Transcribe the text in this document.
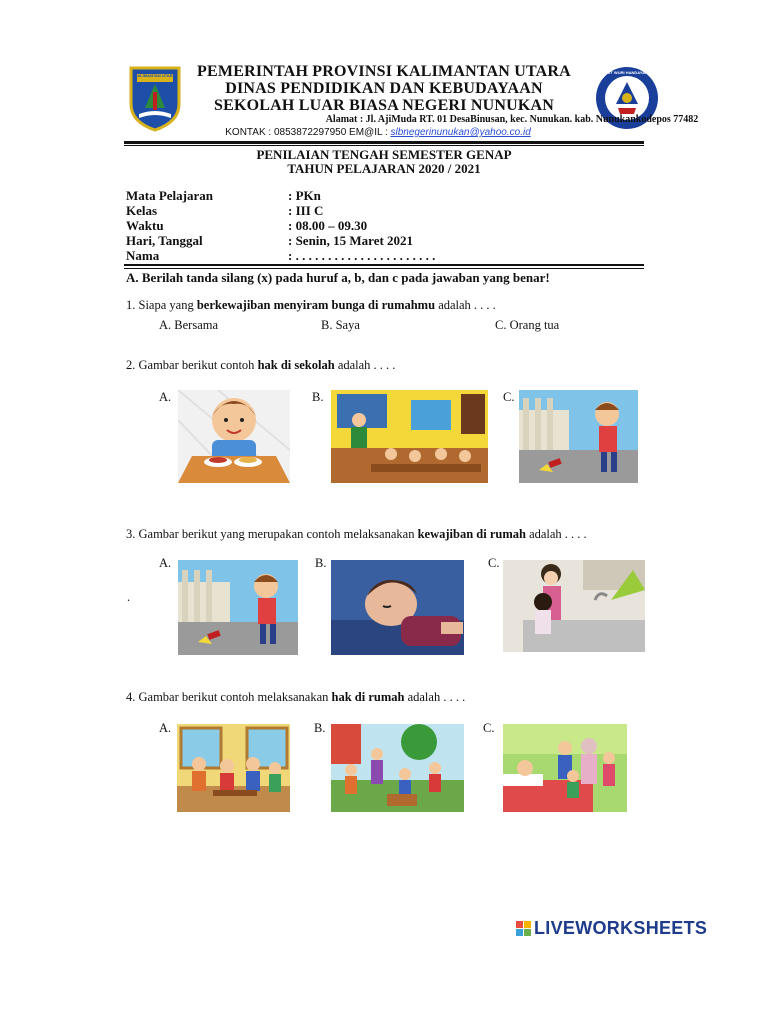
KALIMANTAN UTARA
TUT WURI HANDAYANI
PEMERINTAH PROVINSI KALIMANTAN UTARA
DINAS PENDIDIKAN DAN KEBUDAYAAN
SEKOLAH LUAR BIASA NEGERI NUNUKAN
Alamat : Jl. AjiMuda RT. 01 DesaBinusan, kec. Nunukan. kab. Nunukankodepos 77482
KONTAK : 0853872297950 EM@IL : slbnegerinunukan@yahoo.co.id
PENILAIAN TENGAH SEMESTER GENAP
TAHUN PELAJARAN 2020 / 2021
Mata Pelajaran	: PKn
Kelas	: III C
Waktu	: 08.00 – 09.30
Hari, Tanggal	: Senin, 15 Maret 2021
Nama	: . . . . . . . . . . . . . . . . . . . . . .
A. Berilah tanda silang (x) pada huruf a, b, dan c pada jawaban yang benar!
1. Siapa yang berkewajiban menyiram bunga di rumahmu adalah . . . .
A. Bersama	B. Saya	C. Orang tua
2. Gambar berikut contoh hak di sekolah adalah . . . .
A.	B.	C.
3. Gambar berikut yang merupakan contoh melaksanakan kewajiban di rumah adalah . . . .
.
A.	B.	C.
4. Gambar berikut contoh melaksanakan hak di rumah adalah . . . .
A.	B.	C.
LIVEWORKSHEETS
